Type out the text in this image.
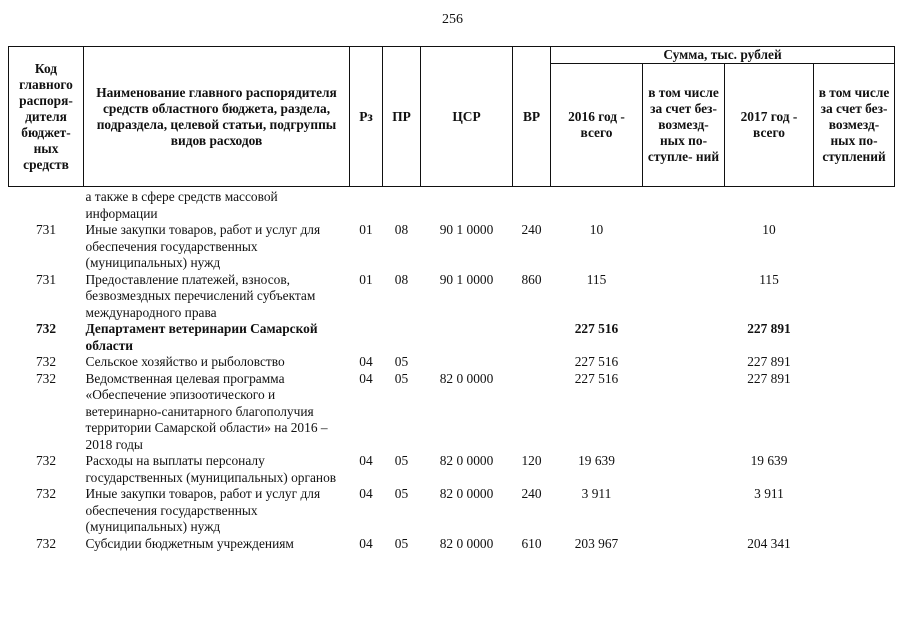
256
Код главного распоря- дителя бюджет- ных средств	Наименование главного распорядителя средств областного бюджета, раздела, подраздела, целевой статьи, подгруппы видов расходов	Рз	ПР	ЦСР	ВР	Сумма, тыс. рублей			
						2016 год - всего	в том числе за счет без- возмезд- ных по- ступле- ний	2017 год - всего	в том числе за счет без- возмезд- ных по- ступлений
	а также в сфере средств массовой информации								
731	Иные закупки товаров, работ и услуг для обеспечения государственных (муниципальных) нужд	01	08	90 1 0000	240	10		10	
731	Предоставление платежей, взносов, безвозмездных перечислений субъектам международного права	01	08	90 1 0000	860	115		115	
732	Департамент ветеринарии Самарской области					227 516		227 891	
732	Сельское хозяйство и рыболовство	04	05			227 516		227 891	
732	Ведомственная целевая программа «Обеспечение эпизоотического и ветеринарно-санитарного благополучия территории Самарской области» на 2016 –2018 годы	04	05	82 0 0000		227 516		227 891	
732	Расходы на выплаты персоналу государственных (муниципальных) органов	04	05	82 0 0000	120	19 639		19 639	
732	Иные закупки товаров, работ и услуг для обеспечения государственных (муниципальных) нужд	04	05	82 0 0000	240	3 911		3 911	
732	Субсидии бюджетным учреждениям	04	05	82 0 0000	610	203 967		204 341	
